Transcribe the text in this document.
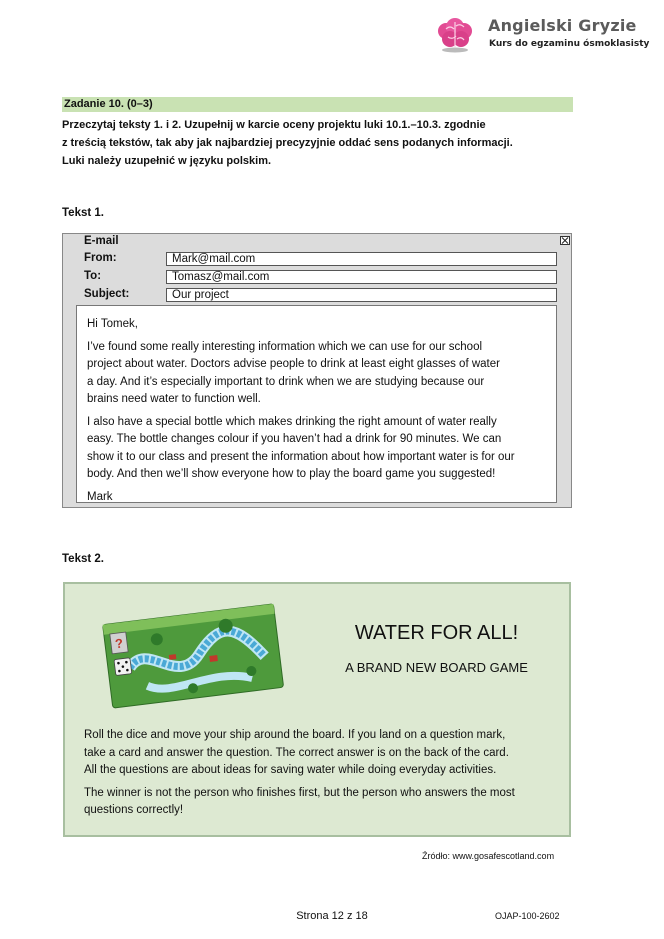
Angielski Gryzie
Kurs do egzaminu ósmoklasisty
Zadanie 10. (0–3)
Przeczytaj teksty 1. i 2. Uzupełnij w karcie oceny projektu luki 10.1.–10.3. zgodnie
z treścią tekstów, tak aby jak najbardziej precyzyjnie oddać sens podanych informacji.
Luki należy uzupełnić w języku polskim.
Tekst 1.
E-mail
From:	Mark@mail.com
To:	Tomasz@mail.com
Subject:	Our project

Hi Tomek,

I’ve found some really interesting information which we can use for our school
project about water. Doctors advise people to drink at least eight glasses of water
a day. And it’s especially important to drink when we are studying because our
brains need water to function well.

I also have a special bottle which makes drinking the right amount of water really
easy. The bottle changes colour if you haven’t had a drink for 90 minutes. We can
show it to our class and present the information about how important water is for our
body. And then we’ll show everyone how to play the board game you suggested!

Mark

Tekst 2.
?	WATER FOR ALL!
A BRAND NEW BOARD GAME

Roll the dice and move your ship around the board. If you land on a question mark,
take a card and answer the question. The correct answer is on the back of the card.
All the questions are about ideas for saving water while doing everyday activities.

The winner is not the person who finishes first, but the person who answers the most
questions correctly!

Źródło: www.gosafescotland.com
Strona 12 z 18	OJAP-100-2602
